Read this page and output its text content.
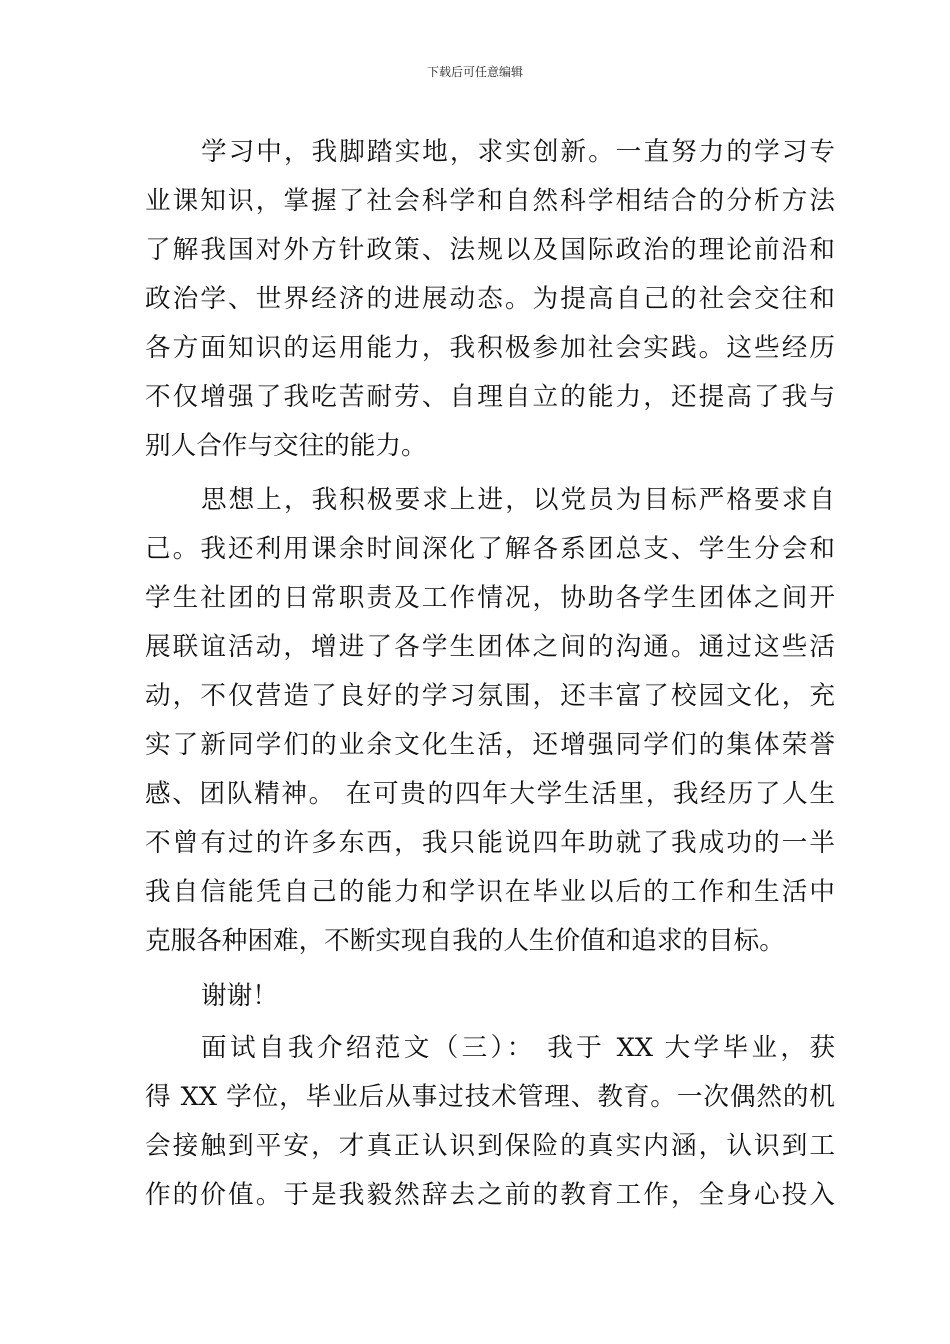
下载后可任意编辑
学习中，我脚踏实地，求实创新。一直努力的学习专
业课知识，掌握了社会科学和自然科学相结合的分析方法
了解我国对外方针政策、法规以及国际政治的理论前沿和
政治学、世界经济的进展动态。为提高自己的社会交往和
各方面知识的运用能力，我积极参加社会实践。这些经历
不仅增强了我吃苦耐劳、自理自立的能力，还提高了我与
别人合作与交往的能力。
思想上，我积极要求上进，以党员为目标严格要求自
己。我还利用课余时间深化了解各系团总支、学生分会和
学生社团的日常职责及工作情况，协助各学生团体之间开
展联谊活动，增进了各学生团体之间的沟通。通过这些活
动，不仅营造了良好的学习氛围，还丰富了校园文化，充
实了新同学们的业余文化生活，还增强同学们的集体荣誉
感、团队精神。 在可贵的四年大学生活里，我经历了人生
不曾有过的许多东西，我只能说四年助就了我成功的一半
我自信能凭自己的能力和学识在毕业以后的工作和生活中
克服各种困难，不断实现自我的人生价值和追求的目标。
谢谢！
面试自我介绍范文（三）： 我于 XX 大学毕业，获
得 XX 学位，毕业后从事过技术管理、教育。一次偶然的机
会接触到平安，才真正认识到保险的真实内涵，认识到工
作的价值。于是我毅然辞去之前的教育工作，全身心投入
